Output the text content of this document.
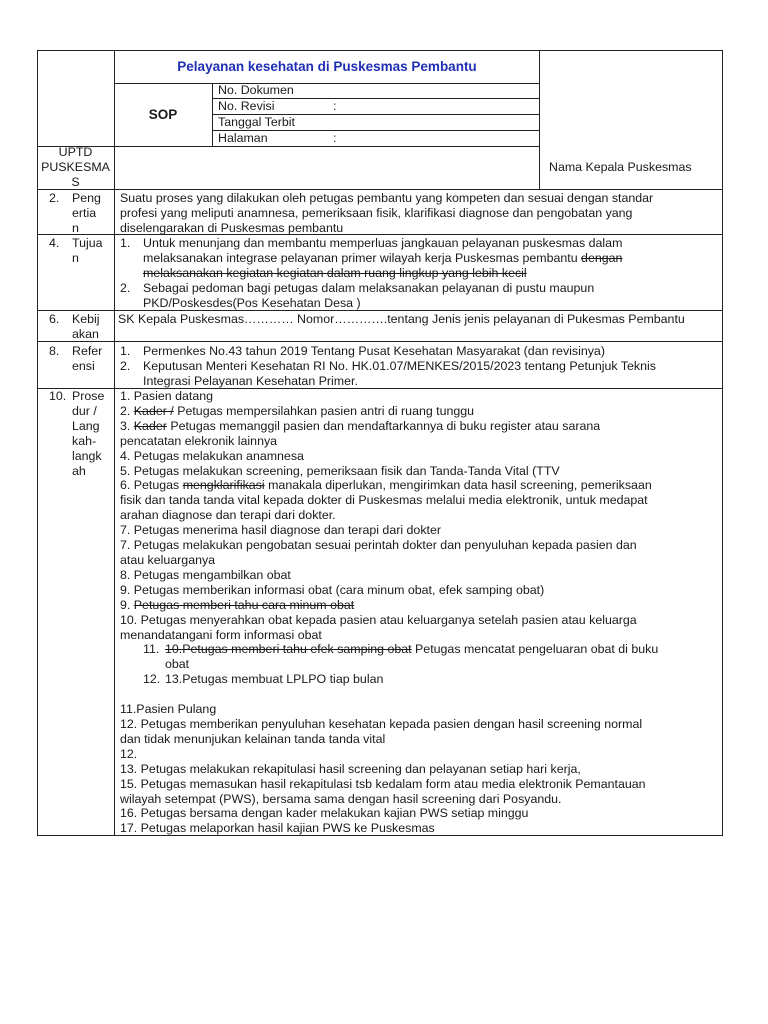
Pelayanan kesehatan di Puskesmas Pembantu
SOP
No. Dokumen
No. Revisi	:
Tanggal Terbit
Halaman	:
UPTD
PUSKESMA
S
Nama Kepala Puskesmas
2. Peng
ertia
n
Suatu proses yang dilakukan oleh petugas pembantu yang kompeten dan sesuai dengan standar
profesi yang meliputi anamnesa, pemeriksaan fisik, klarifikasi diagnose dan pengobatan yang
diselengarakan di Puskesmas pembantu
4. Tujua
n
1. Untuk menunjang dan membantu memperluas jangkauan pelayanan puskesmas dalam
melaksanakan integrase pelayanan primer wilayah kerja Puskesmas pembantu dengan
melaksanakan kegiatan kegiatan dalam ruang lingkup yang lebih kecil
2. Sebagai pedoman bagi petugas dalam melaksanakan pelayanan di pustu maupun
PKD/Poskesdes(Pos Kesehatan Desa )
6. Kebij
akan
SK Kepala Puskesmas………… Nomor………….tentang Jenis jenis pelayanan di Pukesmas Pembantu
8. Refer
ensi
1. Permenkes No.43 tahun 2019 Tentang Pusat Kesehatan Masyarakat (dan revisinya)
2. Keputusan Menteri Kesehatan RI No. HK.01.07/MENKES/2015/2023 tentang Petunjuk Teknis
Integrasi Pelayanan Kesehatan Primer.
10. Prose
dur /
Lang
kah-
langk
ah
1. Pasien datang
2. Kader / Petugas mempersilahkan pasien antri di ruang tunggu
3. Kader Petugas memanggil pasien dan mendaftarkannya di buku register atau sarana
pencatatan elekronik lainnya
4. Petugas melakukan anamnesa
5. Petugas melakukan screening, pemeriksaan fisik dan Tanda-Tanda Vital (TTV
6. Petugas mengklarifikasi manakala diperlukan, mengirimkan data hasil screening, pemeriksaan
fisik dan tanda tanda vital kepada dokter di Puskesmas melalui media elektronik, untuk medapat
arahan diagnose dan terapi dari dokter.
7. Petugas menerima hasil diagnose dan terapi dari dokter
7. Petugas melakukan pengobatan sesuai perintah dokter dan penyuluhan kepada pasien dan
atau keluarganya
8. Petugas mengambilkan obat
9. Petugas memberikan informasi obat (cara minum obat, efek samping obat)
9. Petugas memberi tahu cara minum obat
10. Petugas menyerahkan obat kepada pasien atau keluarganya setelah pasien atau keluarga
menandatangani form informasi obat
11. 10.Petugas memberi tahu efek samping obat Petugas mencatat pengeluaran obat di buku
obat
12. 13.Petugas membuat LPLPO tiap bulan
11.Pasien Pulang
12. Petugas memberikan penyuluhan kesehatan kepada pasien dengan hasil screening normal
dan tidak menunjukan kelainan tanda tanda vital
12.
13. Petugas melakukan rekapitulasi hasil screening dan pelayanan setiap hari kerja,
15. Petugas memasukan hasil rekapitulasi tsb kedalam form atau media elektronik Pemantauan
wilayah setempat (PWS), bersama sama dengan hasil screening dari Posyandu.
16. Petugas bersama dengan kader melakukan kajian PWS setiap minggu
17. Petugas melaporkan hasil kajian PWS ke Puskesmas
